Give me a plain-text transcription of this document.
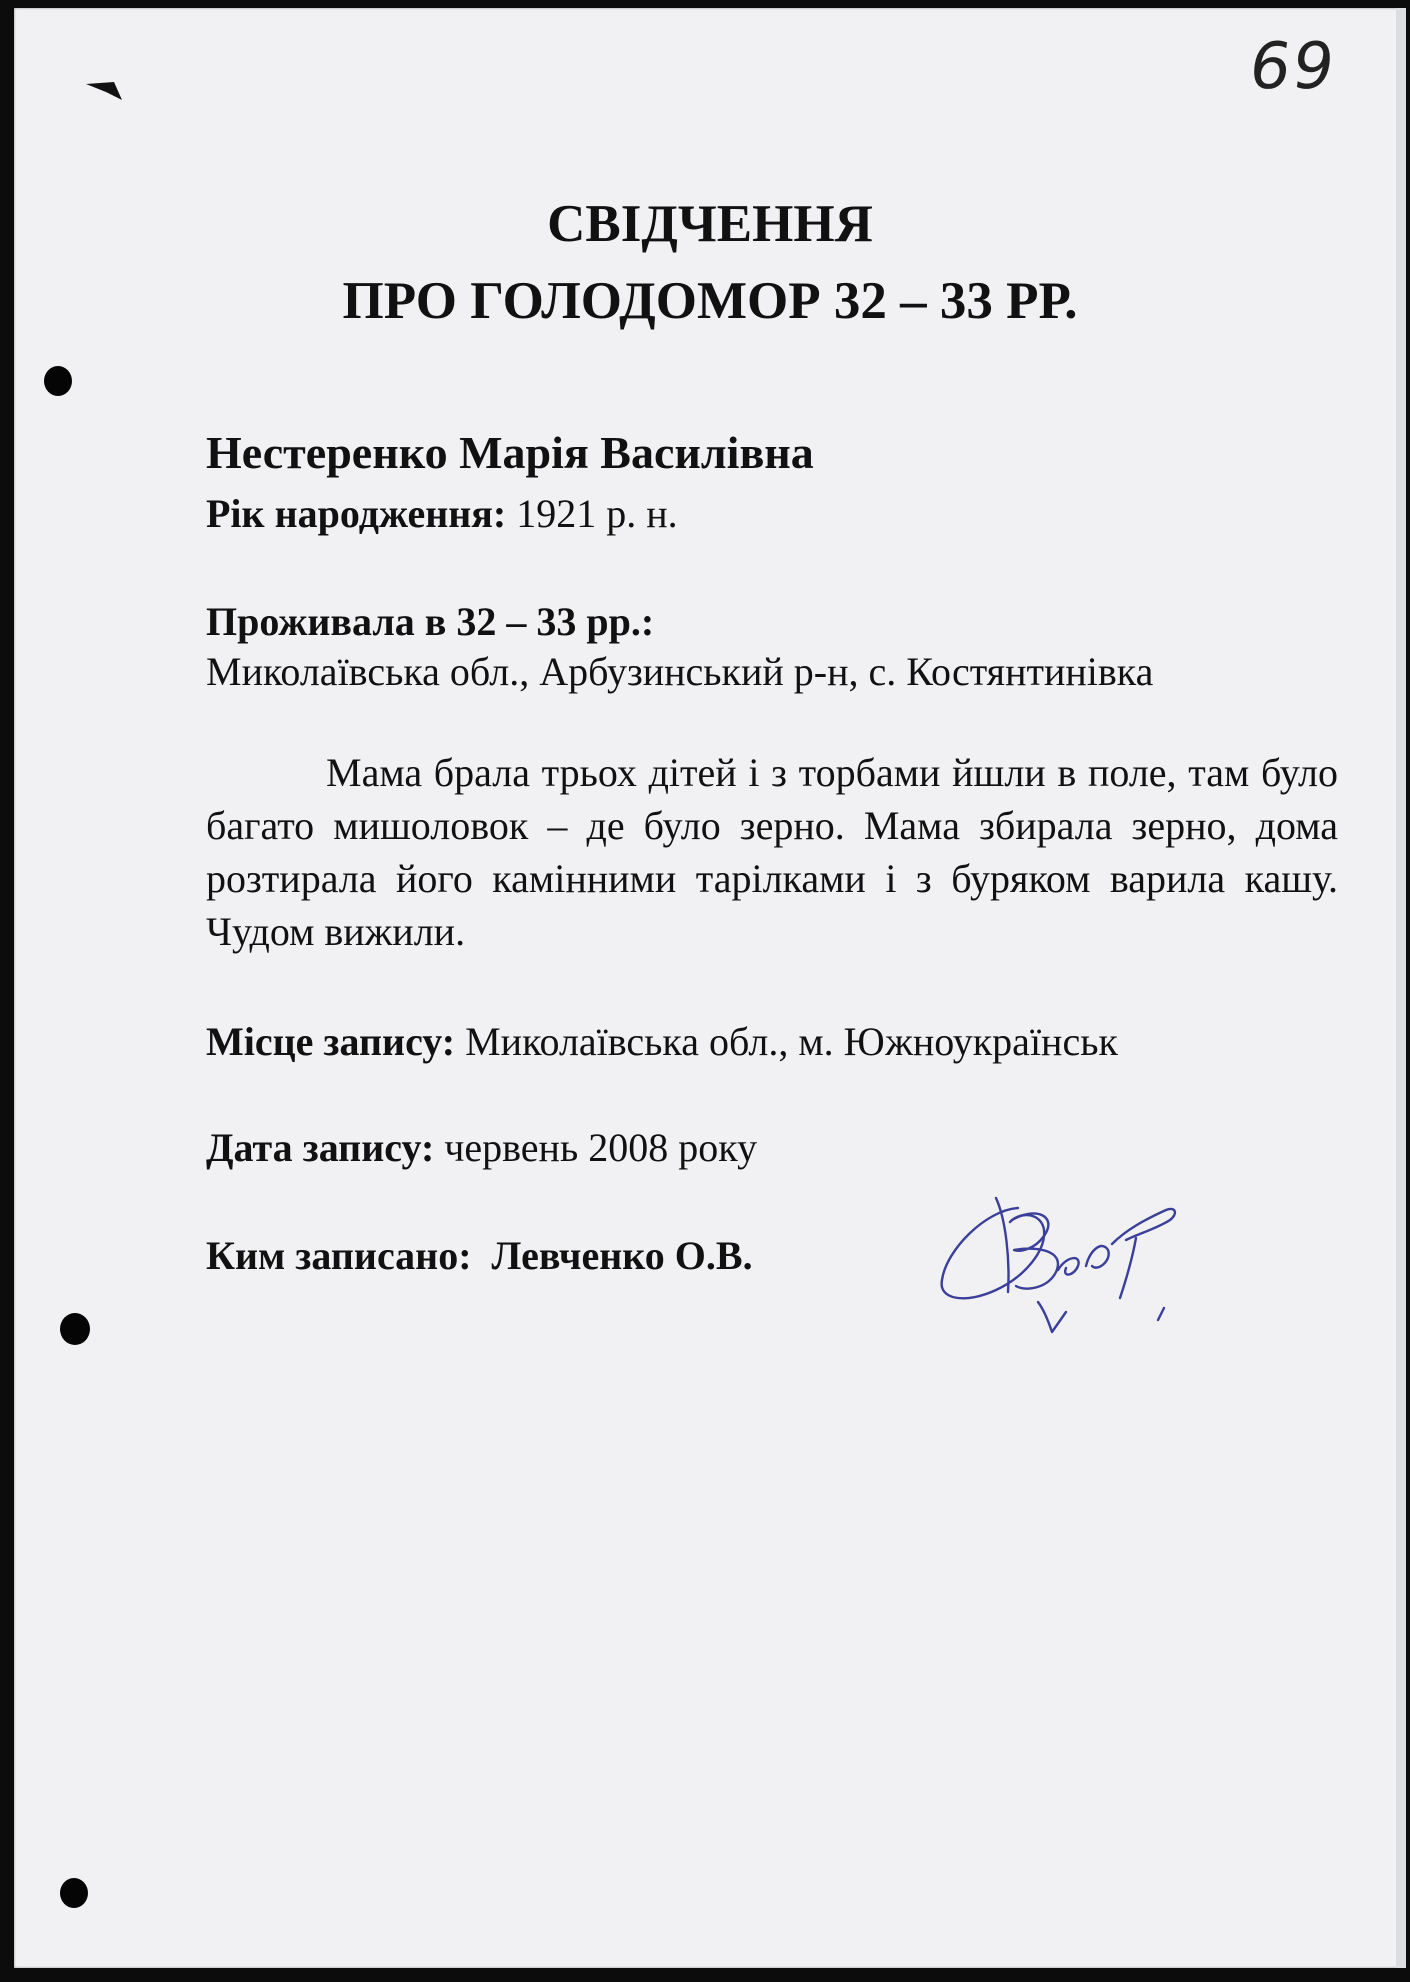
69
СВІДЧЕННЯ
ПРО ГОЛОДОМОР 32 – 33 РР.
Нестеренко Марія Василівна
Рік народження: 1921 р. н.
Проживала в 32 – 33 рр.:
Миколаївська обл., Арбузинський р-н, с. Костянтинівка
Мама брала трьох дітей і з торбами йшли в поле, там було багато мишоловок – де було зерно. Мама збирала зерно, дома розтирала його камінними тарілками і з буряком варила кашу. Чудом вижили.
Місце запису: Миколаївська обл., м. Южноукраїнськ
Дата запису: червень 2008 року
Ким записано: Левченко О.В.
